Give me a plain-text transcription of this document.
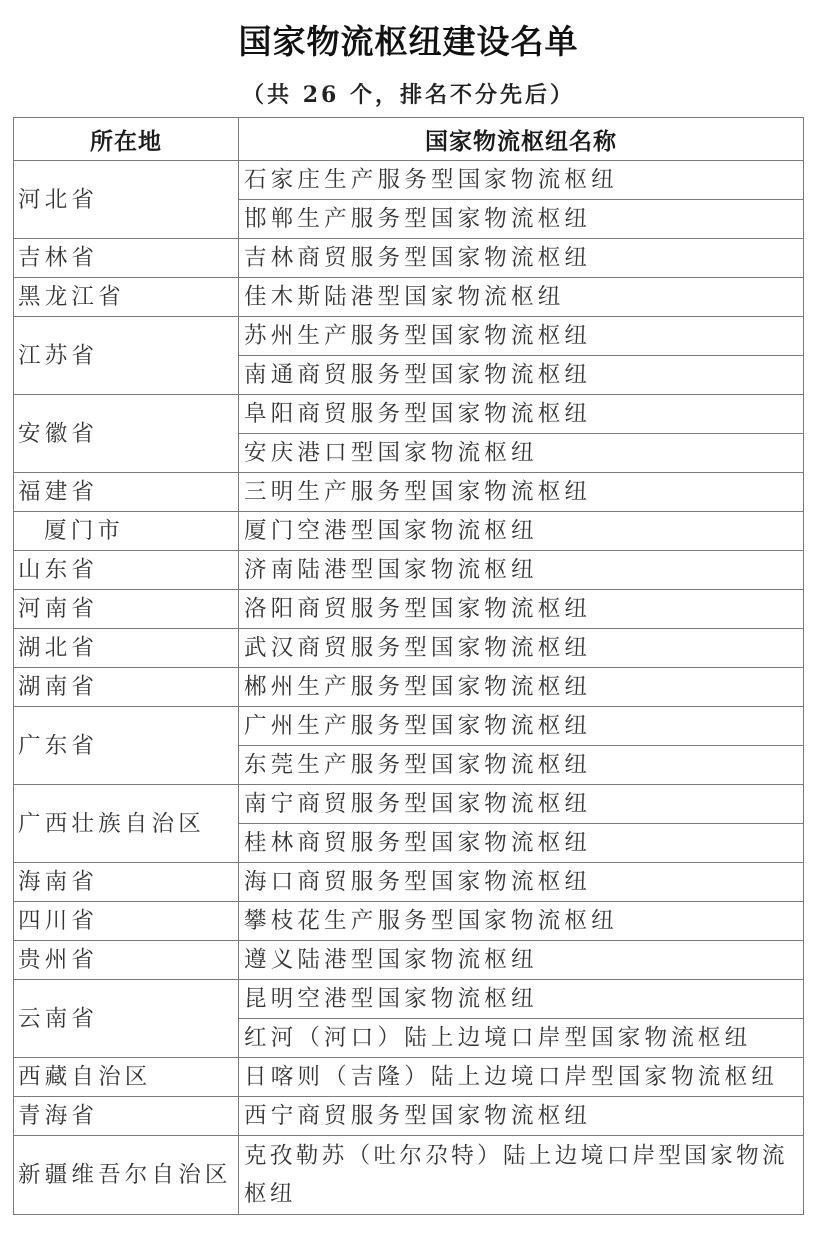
国家物流枢纽建设名单
（共 26 个，排名不分先后）
所在地	国家物流枢纽名称
河北省	石家庄生产服务型国家物流枢纽
	邯郸生产服务型国家物流枢纽
吉林省	吉林商贸服务型国家物流枢纽
黑龙江省	佳木斯陆港型国家物流枢纽
江苏省	苏州生产服务型国家物流枢纽
	南通商贸服务型国家物流枢纽
安徽省	阜阳商贸服务型国家物流枢纽
	安庆港口型国家物流枢纽
福建省	三明生产服务型国家物流枢纽
厦门市	厦门空港型国家物流枢纽
山东省	济南陆港型国家物流枢纽
河南省	洛阳商贸服务型国家物流枢纽
湖北省	武汉商贸服务型国家物流枢纽
湖南省	郴州生产服务型国家物流枢纽
广东省	广州生产服务型国家物流枢纽
	东莞生产服务型国家物流枢纽
广西壮族自治区	南宁商贸服务型国家物流枢纽
	桂林商贸服务型国家物流枢纽
海南省	海口商贸服务型国家物流枢纽
四川省	攀枝花生产服务型国家物流枢纽
贵州省	遵义陆港型国家物流枢纽
云南省	昆明空港型国家物流枢纽
	红河（河口）陆上边境口岸型国家物流枢纽
西藏自治区	日喀则（吉隆）陆上边境口岸型国家物流枢纽
青海省	西宁商贸服务型国家物流枢纽
新疆维吾尔自治区	克孜勒苏（吐尔尕特）陆上边境口岸型国家物流枢纽
